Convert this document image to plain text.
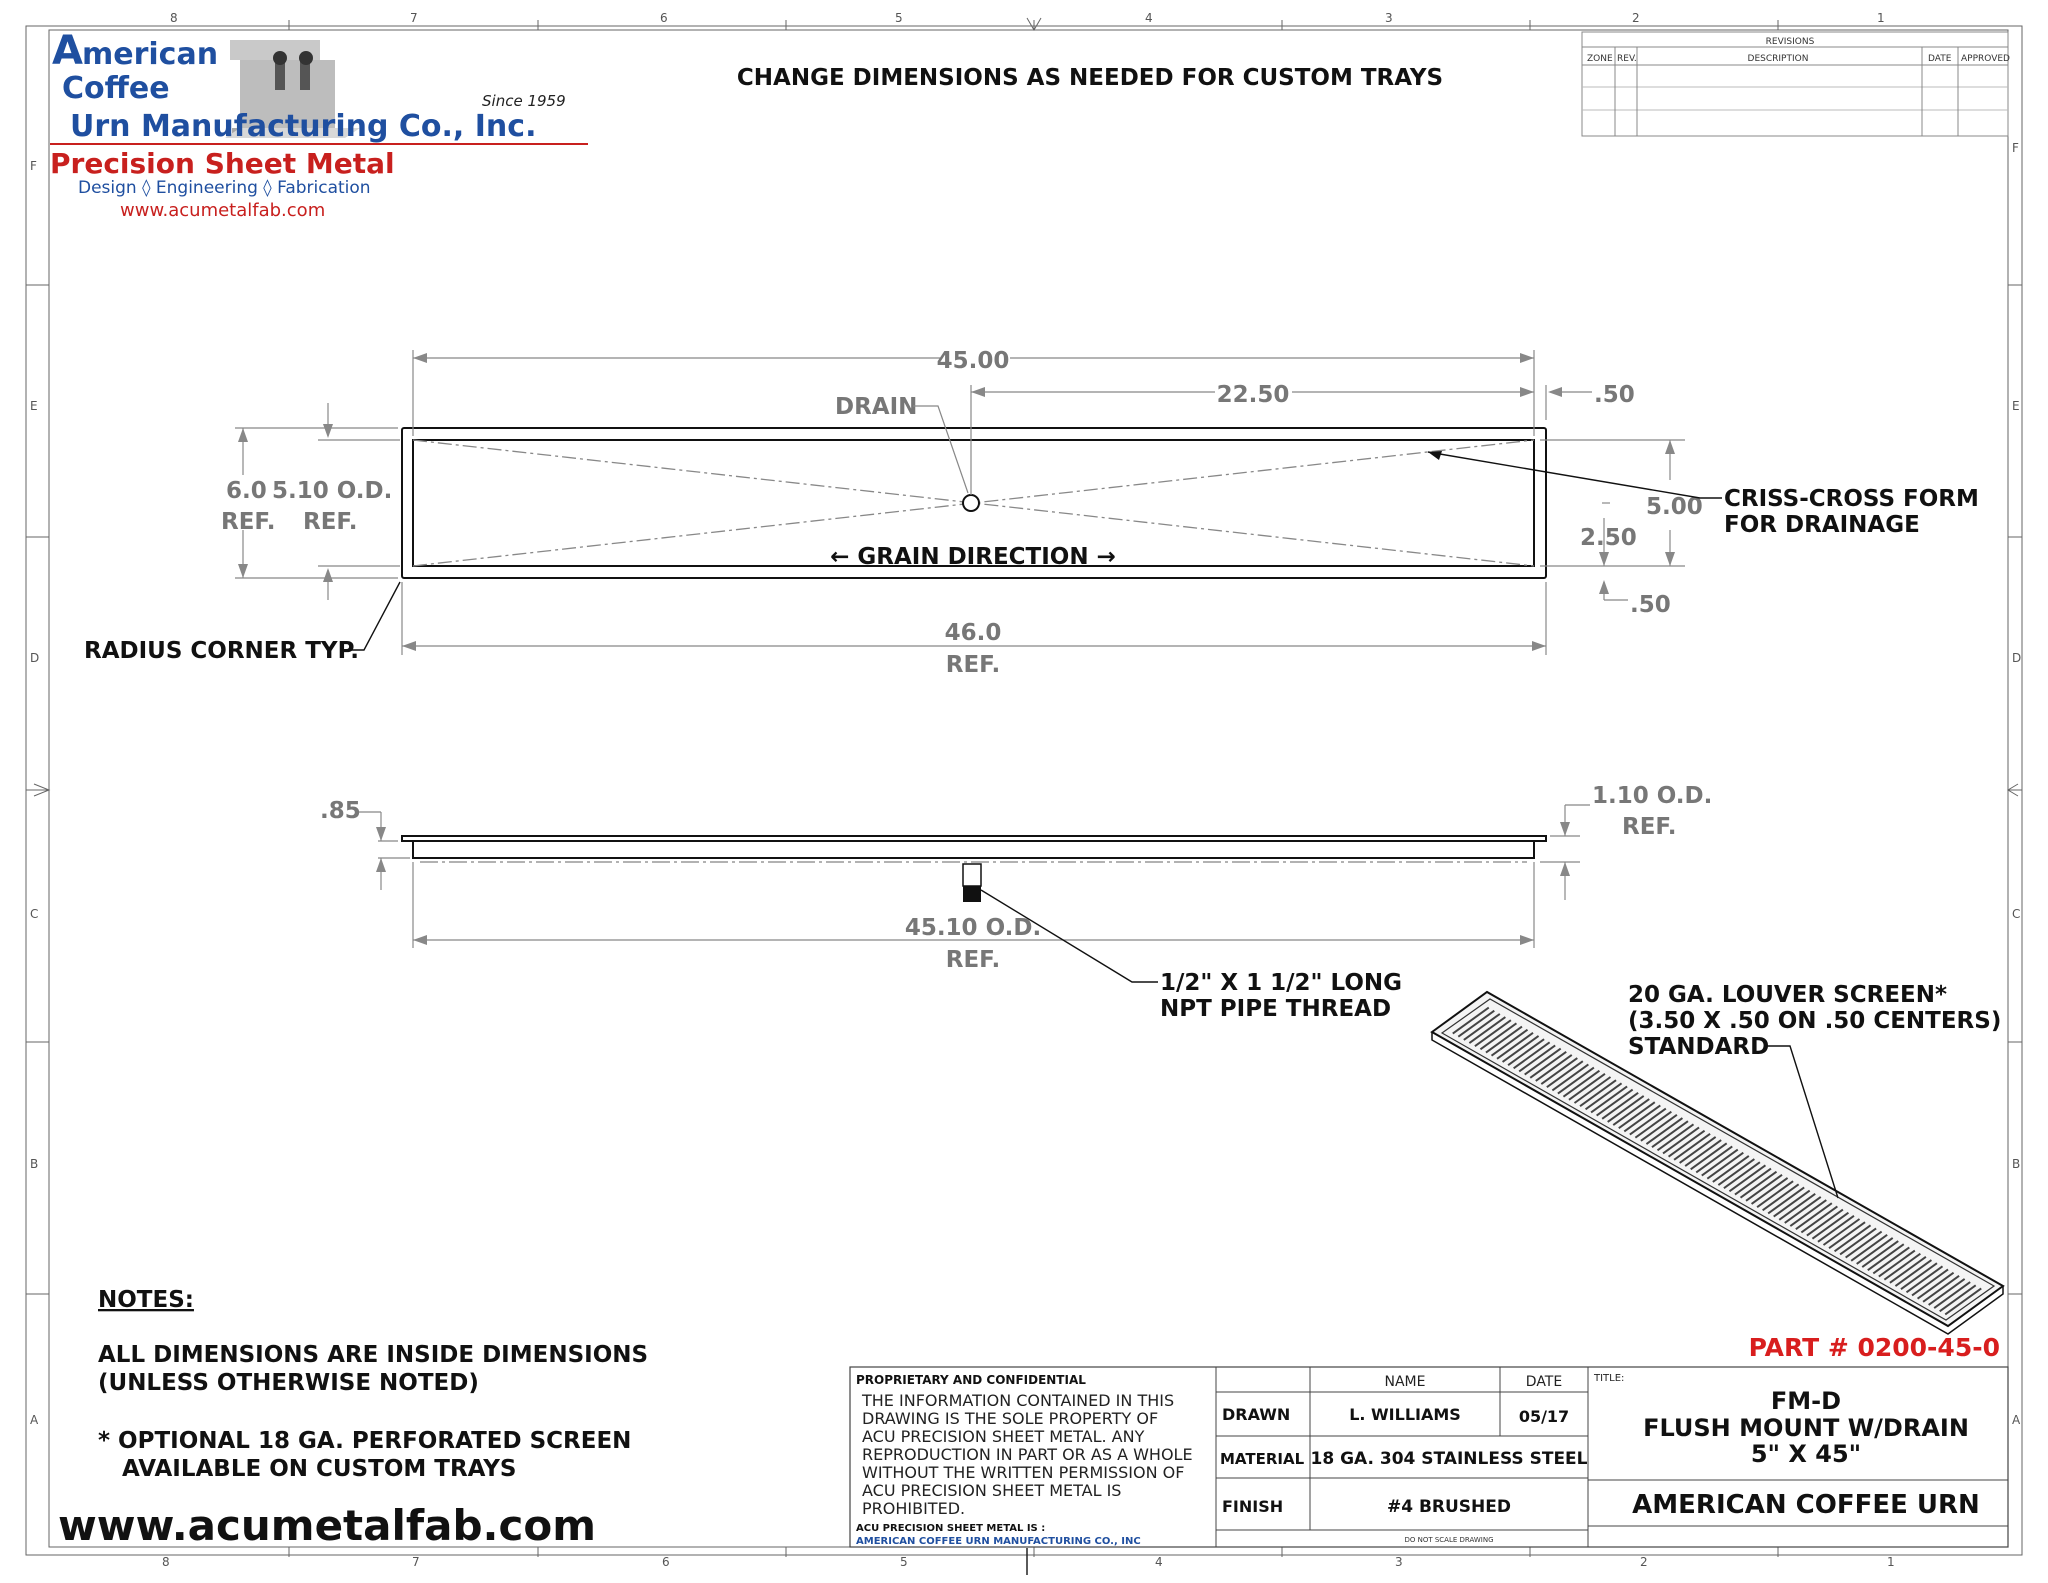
8	7	6	5	4	3	2	1
8	7	6	5	4	3	2	1
F
E
D
C
B
A
F
E
D
C
B
A
A merican
Coffee
Urn Manufacturing Co., Inc.
Since 1959
Precision Sheet Metal
Design ◊ Engineering ◊ Fabrication
www.acumetalfab.com
CHANGE DIMENSIONS AS NEEDED FOR CUSTOM TRAYS
REVISIONS
ZONE REV.	DESCRIPTION	DATE APPROVED
45.00
22.50	.50
DRAIN
6.0
REF.
5.10 O.D.
REF.
5.00
2.50
.50
← GRAIN DIRECTION →
46.0
REF.
RADIUS CORNER TYP.
CRISS-CROSS FORM
FOR DRAINAGE
.85
1.10 O.D.
REF.
45.10 O.D.
REF.
1/2" X 1 1/2" LONG
NPT PIPE THREAD
20 GA. LOUVER SCREEN*
(3.50 X .50 ON .50 CENTERS)
STANDARD
NOTES:
ALL DIMENSIONS ARE INSIDE DIMENSIONS
(UNLESS OTHERWISE NOTED)
* OPTIONAL 18 GA. PERFORATED SCREEN
AVAILABLE ON CUSTOM TRAYS
www.acumetalfab.com
PART # 0200-45-0
PROPRIETARY AND CONFIDENTIAL
THE INFORMATION CONTAINED IN THIS
DRAWING IS THE SOLE PROPERTY OF
ACU PRECISION SHEET METAL. ANY
REPRODUCTION IN PART OR AS A WHOLE
WITHOUT THE WRITTEN PERMISSION OF
ACU PRECISION SHEET METAL IS
PROHIBITED.
ACU PRECISION SHEET METAL IS :
AMERICAN COFFEE URN MANUFACTURING CO., INC
NAME	DATE
DRAWN	L. WILLIAMS	05/17
MATERIAL 18 GA. 304 STAINLESS STEEL
FINISH	#4 BRUSHED
DO NOT SCALE DRAWING
TITLE:
FM-D
FLUSH MOUNT W/DRAIN
5" X 45"
AMERICAN COFFEE URN
